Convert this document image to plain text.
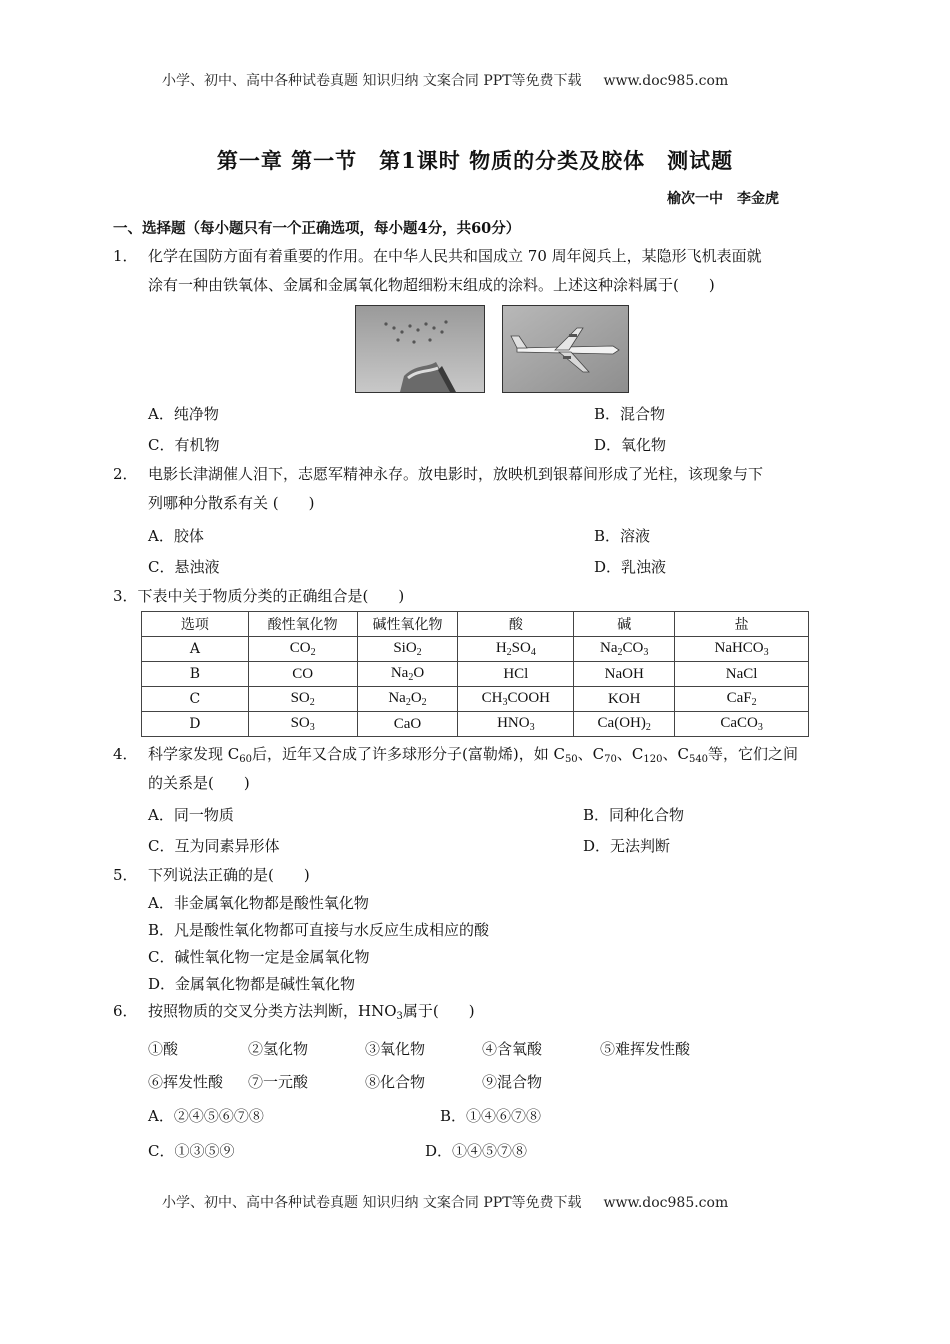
小学、初中、高中各种试卷真题 知识归纳 文案合同 PPT等免费下载 www.doc985.com
第一章 第一节　第1课时 物质的分类及胶体　测试题
榆次一中　李金虎
一、选择题（每小题只有一个正确选项，每小题4分，共60分）
1． 化学在国防方面有着重要的作用。在中华人民共和国成立 70 周年阅兵上，某隐形飞机表面就
涂有一种由铁氧体、金属和金属氧化物超细粉末组成的涂料。上述这种涂料属于(　　)
A．纯净物	B．混合物
C．有机物	D．氧化物
2． 电影长津湖催人泪下，志愿军精神永存。放电影时，放映机到银幕间形成了光柱，该现象与下
列哪种分散系有关 (　　)
A．胶体	B．溶液
C．悬浊液	D．乳浊液
3．下表中关于物质分类的正确组合是(　　)
选项	酸性氧化物	碱性氧化物	酸	碱	盐
A	$CO_2$	SiO$_2$	$H_2SO_4$	$Na_2CO_3$	NaHCO$_3$
B	CO	$Na_2O$	HCl	NaOH	NaCl
C	$SO_2$	$Na_2O_2$	$CH_3COOH$	KOH	CaF$_2$
D	$SO_3$	CaO	$HNO_3$	$Ca(OH)_2$	CaCO$_3$
4． 科学家发现 $C_{60}$后，近年又合成了许多球形分子(富勒烯)，如 $C_{50}$、$C_{70}$、$C_{120}$、$C_{540}$等，它们之间
的关系是(　　)
A．同一物质	B．同种化合物
C．互为同素异形体	D．无法判断
5． 下列说法正确的是(　　)
A．非金属氧化物都是酸性氧化物
B．凡是酸性氧化物都可直接与水反应生成相应的酸
C．碱性氧化物一定是金属氧化物
D．金属氧化物都是碱性氧化物
6． 按照物质的交叉分类方法判断，$HNO_3$属于(　　)
①酸	②氢化物	③氧化物	④含氧酸	⑤难挥发性酸
⑥挥发性酸 ⑦一元酸	⑧化合物	⑨混合物
A．②④⑤⑥⑦⑧	B．①④⑥⑦⑧
C．①③⑤⑨	D．①④⑤⑦⑧
小学、初中、高中各种试卷真题 知识归纳 文案合同 PPT等免费下载 www.doc985.com
